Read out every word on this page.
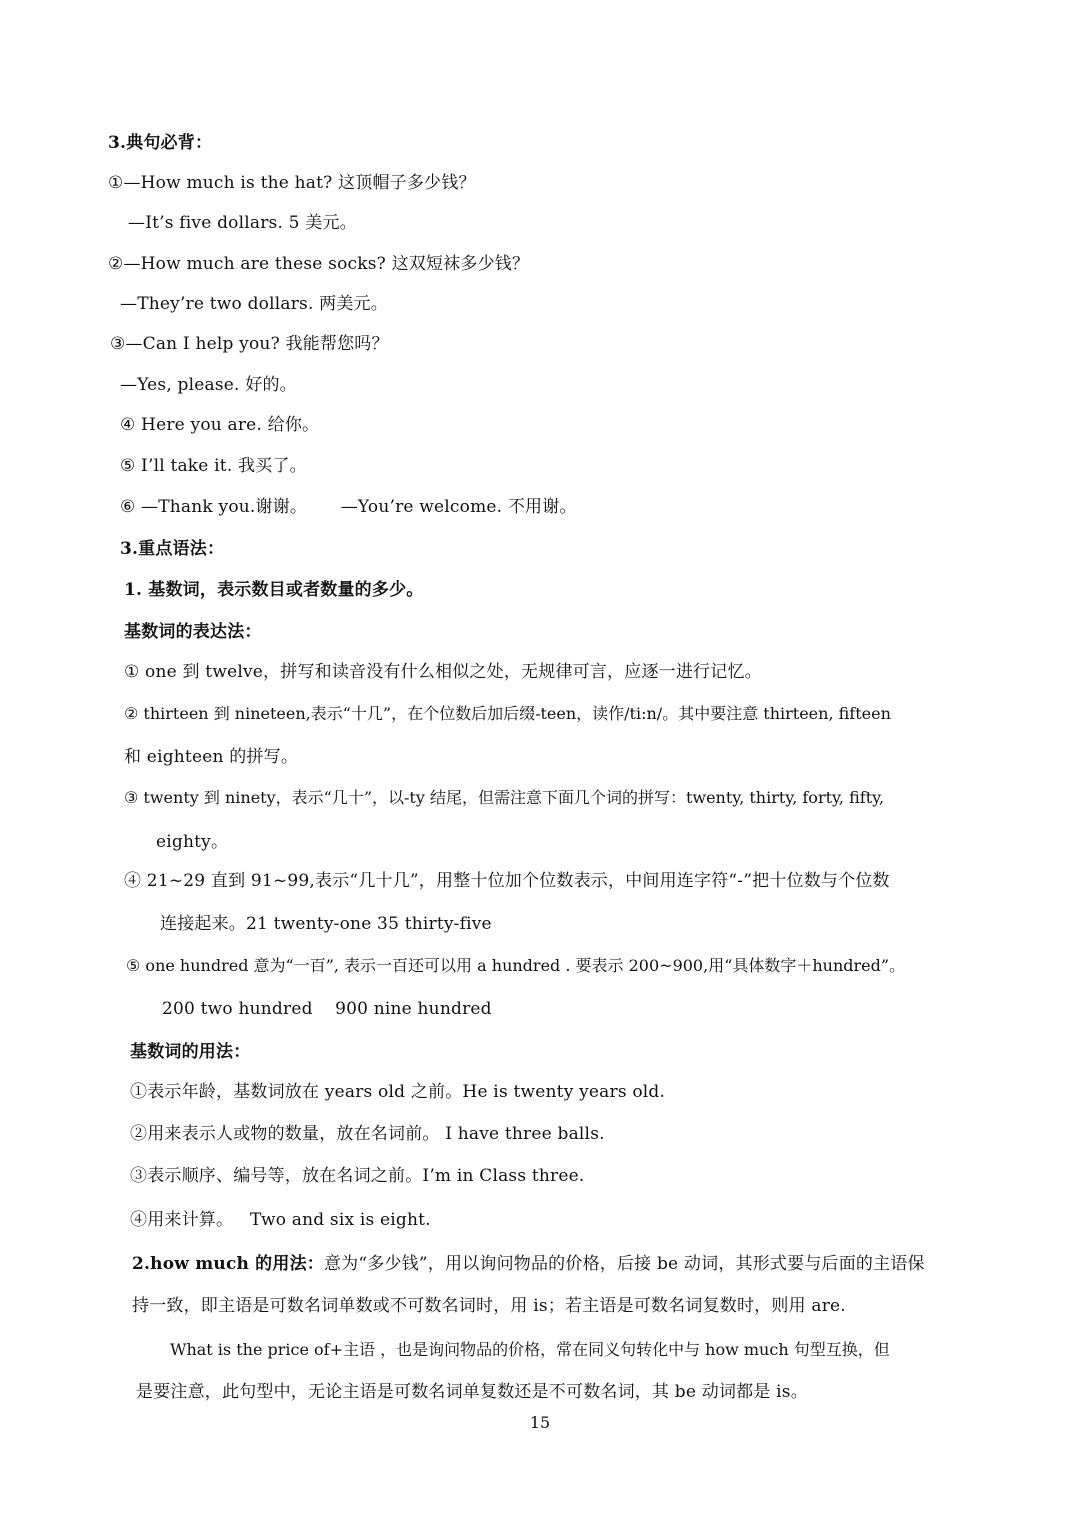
3.典句必背：
①—How much is the hat? 这顶帽子多少钱？
—It’s five dollars. 5 美元。
②—How much are these socks? 这双短袜多少钱？
—They’re two dollars. 两美元。
③—Can I help you? 我能帮您吗？
—Yes, please. 好的。
④ Here you are. 给你。
⑤ I’ll take it. 我买了。
⑥ —Thank you.谢谢。      —You’re welcome. 不用谢。
3.重点语法：
1. 基数词，表示数目或者数量的多少。
基数词的表达法：
① one 到 twelve，拼写和读音没有什么相似之处，无规律可言，应逐一进行记忆。
② thirteen 到 nineteen,表示“十几”，在个位数后加后缀-teen，读作/ti:n/。其中要注意 thirteen, fifteen
和 eighteen 的拼写。
③ twenty 到 ninety，表示“几十”，以-ty 结尾，但需注意下面几个词的拼写：twenty, thirty, forty, fifty,
eighty。
④ 21~29 直到 91~99,表示“几十几”，用整十位加个位数表示，中间用连字符“-”把十位数与个位数
连接起来。21 twenty-one 35 thirty-five
⑤ one hundred 意为“一百”, 表示一百还可以用 a hundred . 要表示 200~900,用“具体数字＋hundred”。
200 two hundred    900 nine hundred
基数词的用法：
①表示年龄，基数词放在 years old 之前。He is twenty years old.
②用来表示人或物的数量，放在名词前。 I have three balls.
③表示顺序、编号等，放在名词之前。I’m in Class three.
④用来计算。   Two and six is eight.
2.how much 的用法：意为“多少钱”，用以询问物品的价格，后接 be 动词，其形式要与后面的主语保
持一致，即主语是可数名词单数或不可数名词时，用 is；若主语是可数名词复数时，则用 are.
What is the price of+主语 ，也是询问物品的价格，常在同义句转化中与 how much 句型互换，但
是要注意，此句型中，无论主语是可数名词单复数还是不可数名词，其 be 动词都是 is。
15
